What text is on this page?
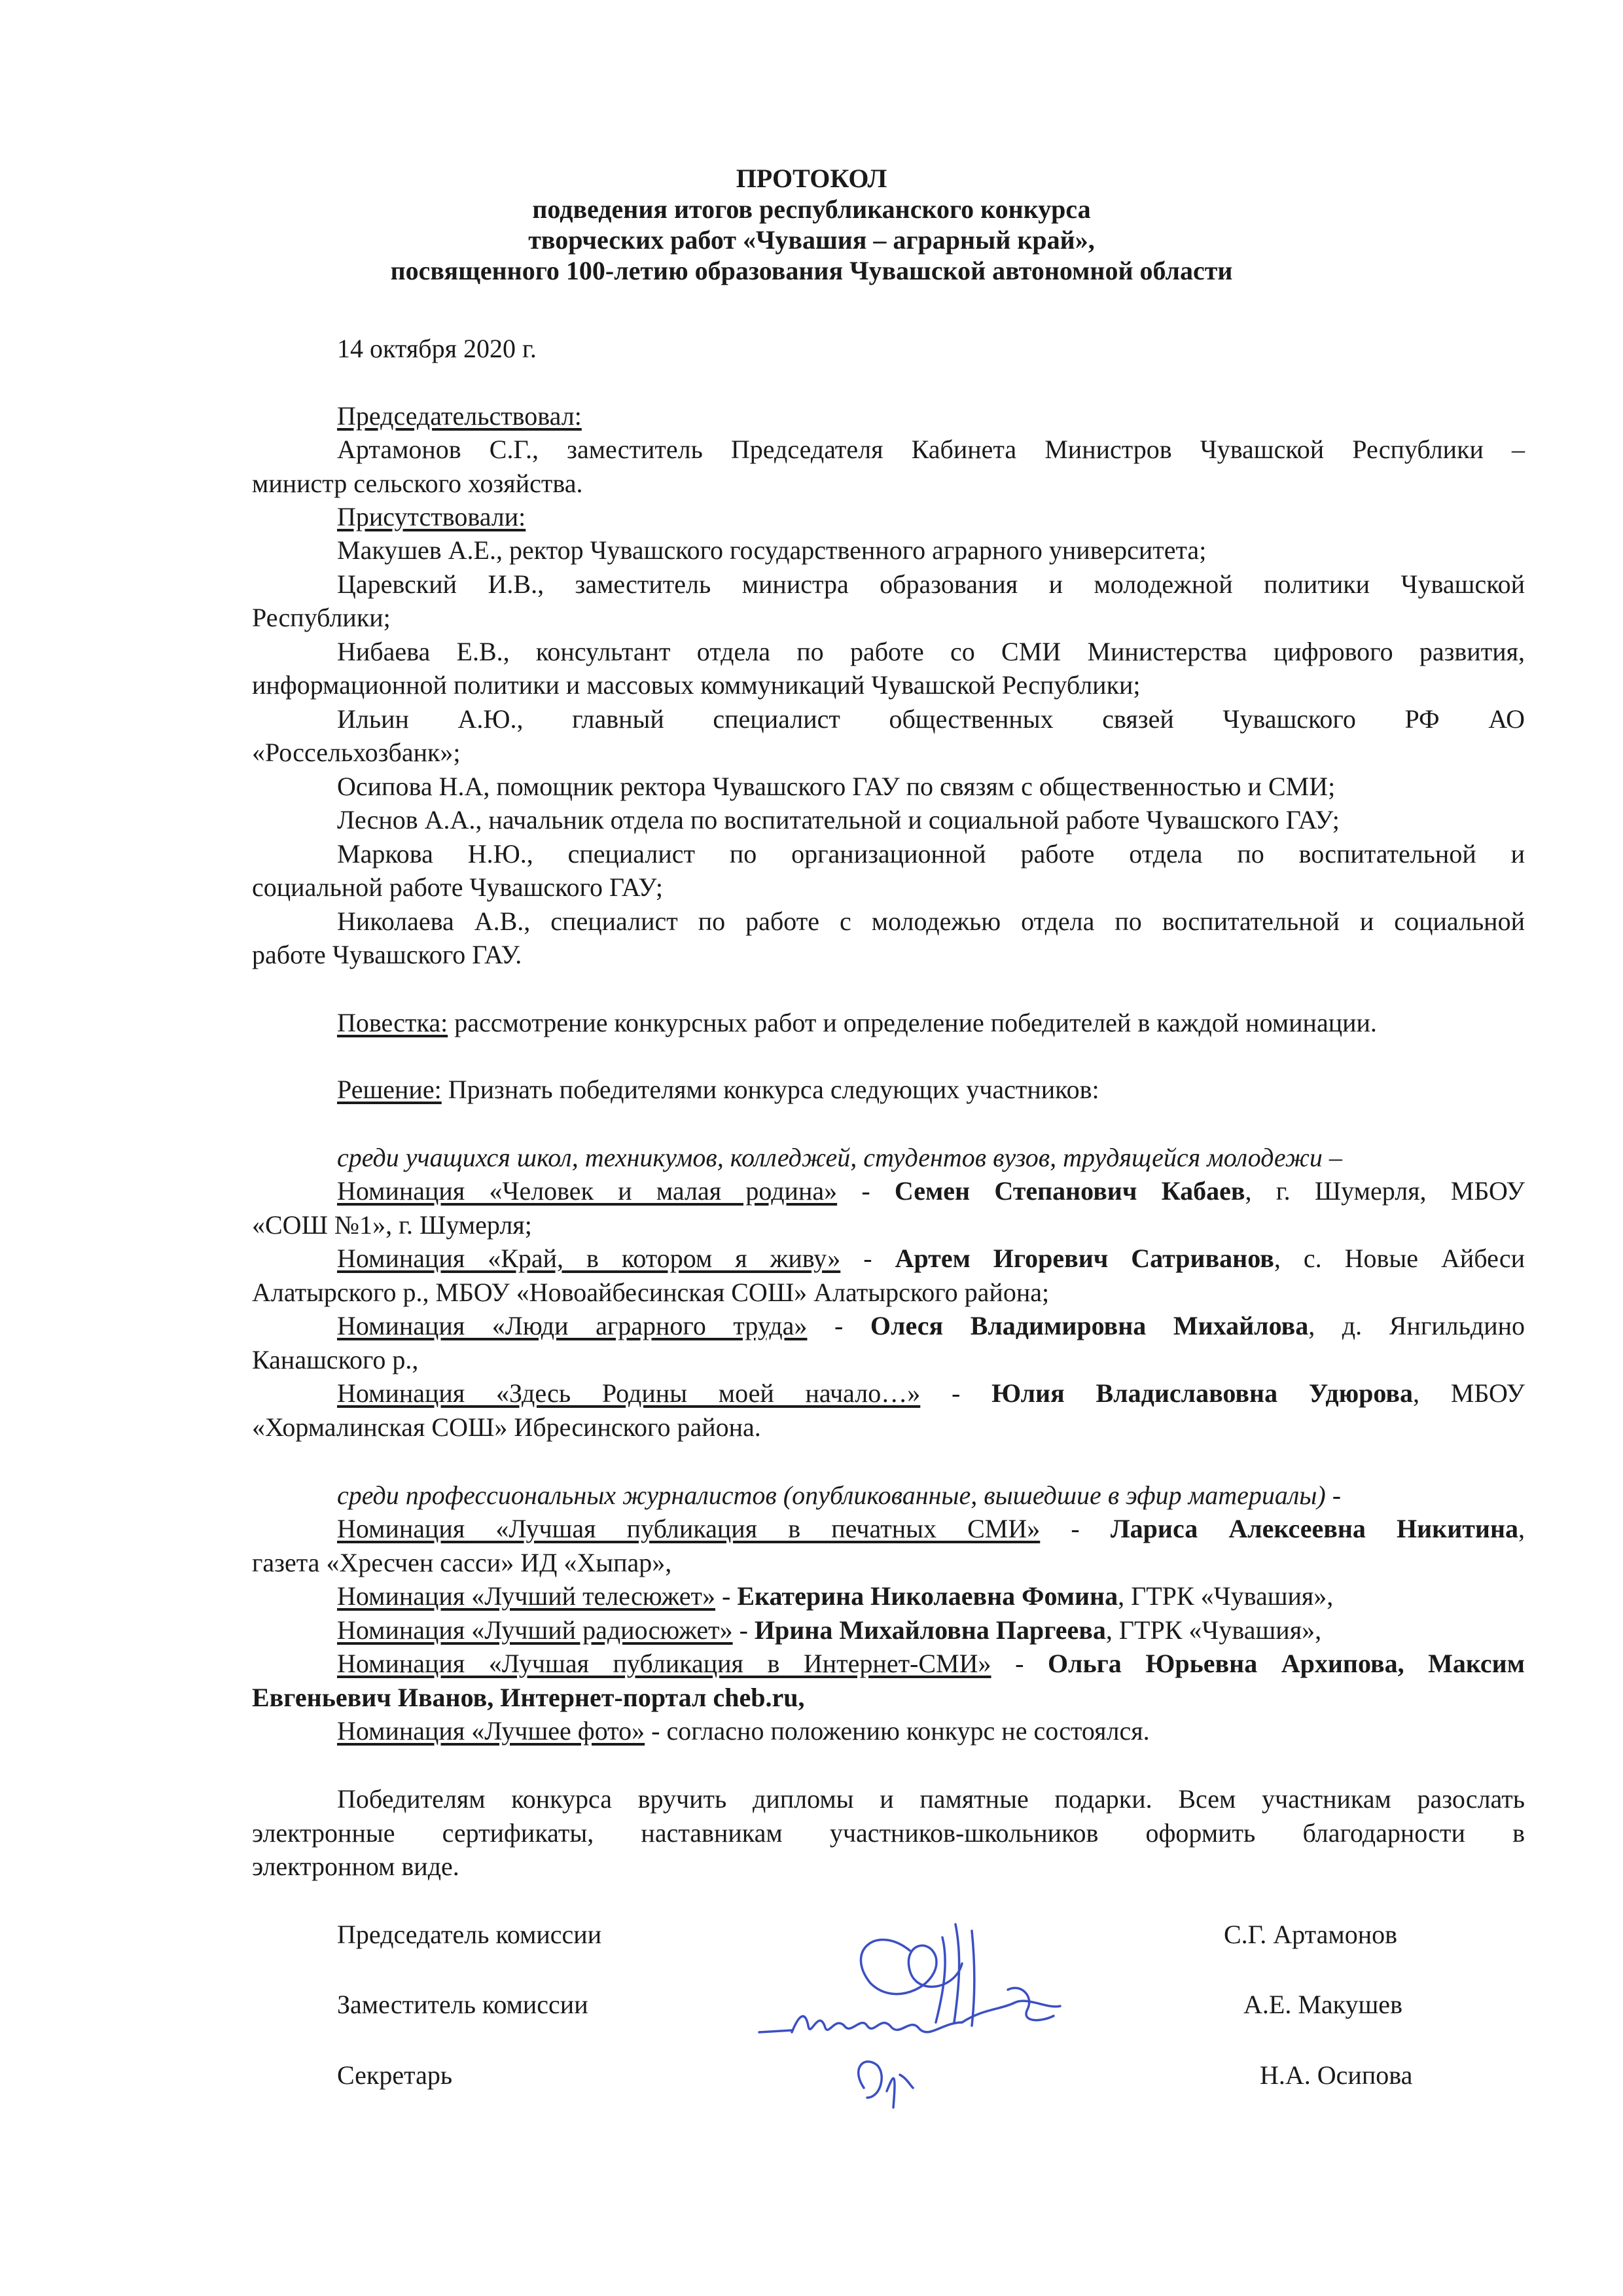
ПРОТОКОЛ
подведения итогов республиканского конкурса
творческих работ «Чувашия – аграрный край»,
посвященного 100-летию образования Чувашской автономной области
14 октября 2020 г.
Председательствовал:
Артамонов С.Г., заместитель Председателя Кабинета Министров Чувашской Республики –
министр сельского хозяйства.
Присутствовали:
Макушев А.Е., ректор Чувашского государственного аграрного университета;
Царевский И.В., заместитель министра образования и молодежной политики Чувашской
Республики;
Нибаева Е.В., консультант отдела по работе со СМИ Министерства цифрового развития,
информационной политики и массовых коммуникаций Чувашской Республики;
Ильин А.Ю., главный специалист общественных связей Чувашского РФ АО
«Россельхозбанк»;
Осипова Н.А, помощник ректора Чувашского ГАУ по связям с общественностью и СМИ;
Леснов А.А., начальник отдела по воспитательной и социальной работе Чувашского ГАУ;
Маркова Н.Ю., специалист по организационной работе отдела по воспитательной и
социальной работе Чувашского ГАУ;
Николаева А.В., специалист по работе с молодежью отдела по воспитательной и социальной
работе Чувашского ГАУ.
Повестка: рассмотрение конкурсных работ и определение победителей в каждой номинации.
Решение: Признать победителями конкурса следующих участников:
среди учащихся школ, техникумов, колледжей, студентов вузов, трудящейся молодежи –
Номинация «Человек и малая родина» - Семен Степанович Кабаев, г. Шумерля, МБОУ
«СОШ №1», г. Шумерля;
Номинация «Край, в котором я живу» - Артем Игоревич Сатриванов, с. Новые Айбеси
Алатырского р., МБОУ «Новоайбесинская СОШ» Алатырского района;
Номинация «Люди аграрного труда» - Олеся Владимировна Михайлова, д. Янгильдино
Канашского р.,
Номинация «Здесь Родины моей начало…» - Юлия Владиславовна Удюрова, МБОУ
«Хормалинская СОШ» Ибресинского района.
среди профессиональных журналистов (опубликованные, вышедшие в эфир материалы) -
Номинация «Лучшая публикация в печатных СМИ» - Лариса Алексеевна Никитина,
газета «Хресчен сасси» ИД «Хыпар»,
Номинация «Лучший телесюжет» - Екатерина Николаевна Фомина, ГТРК «Чувашия»,
Номинация «Лучший радиосюжет» - Ирина Михайловна Паргеева, ГТРК «Чувашия»,
Номинация «Лучшая публикация в Интернет-СМИ» - Ольга Юрьевна Архипова, Максим
Евгеньевич Иванов, Интернет-портал cheb.ru,
Номинация «Лучшее фото» - согласно положению конкурс не состоялся.
Победителям конкурса вручить дипломы и памятные подарки. Всем участникам разослать
электронные сертификаты, наставникам участников-школьников оформить благодарности в
электронном виде.
Председатель комиссии	С.Г. Артамонов
Заместитель комиссии	А.Е. Макушев
Секретарь	Н.А. Осипова
